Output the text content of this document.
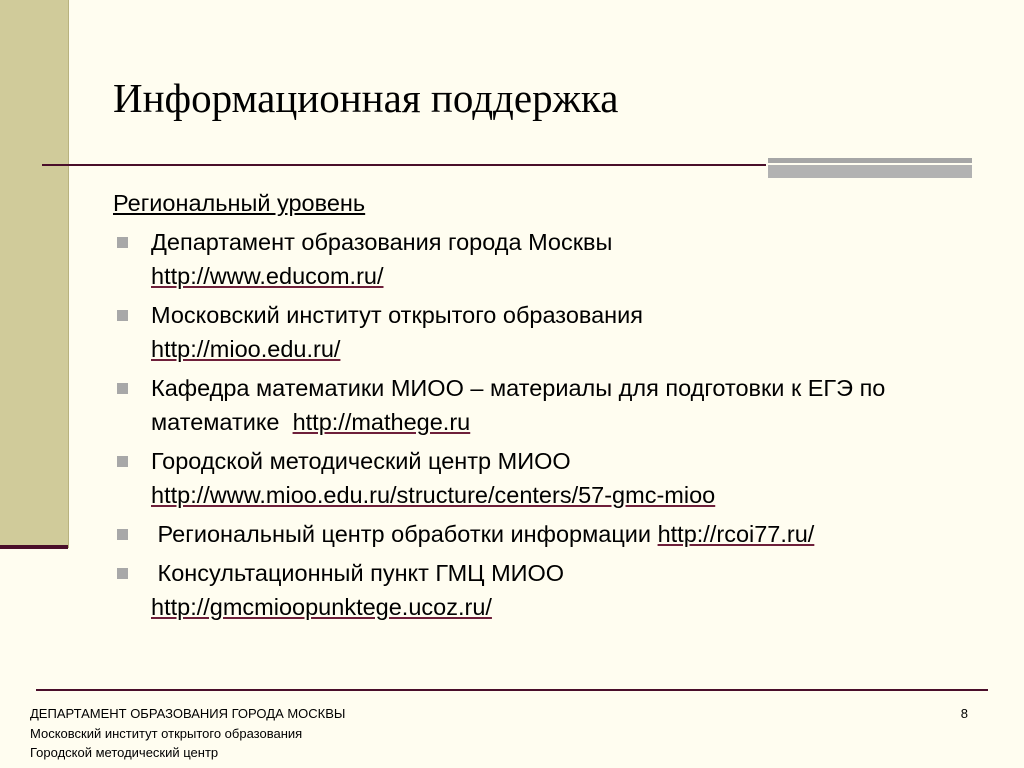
Информационная поддержка
Региональный уровень
Департамент образования города Москвы
http://www.educom.ru/
Московский институт открытого образования
http://mioo.edu.ru/
Кафедра математики МИОО – материалы для подготовки к ЕГЭ по математике http://mathege.ru
Городской методический центр МИОО
http://www.mioo.edu.ru/structure/centers/57-gmc-mioo
Региональный центр обработки информации http://rcoi77.ru/
Консультационный пункт ГМЦ МИОО
http://gmcmioopunktege.ucoz.ru/
ДЕПАРТАМЕНТ ОБРАЗОВАНИЯ ГОРОДА МОСКВЫ
Московский институт открытого образования
Городской методический центр
8
